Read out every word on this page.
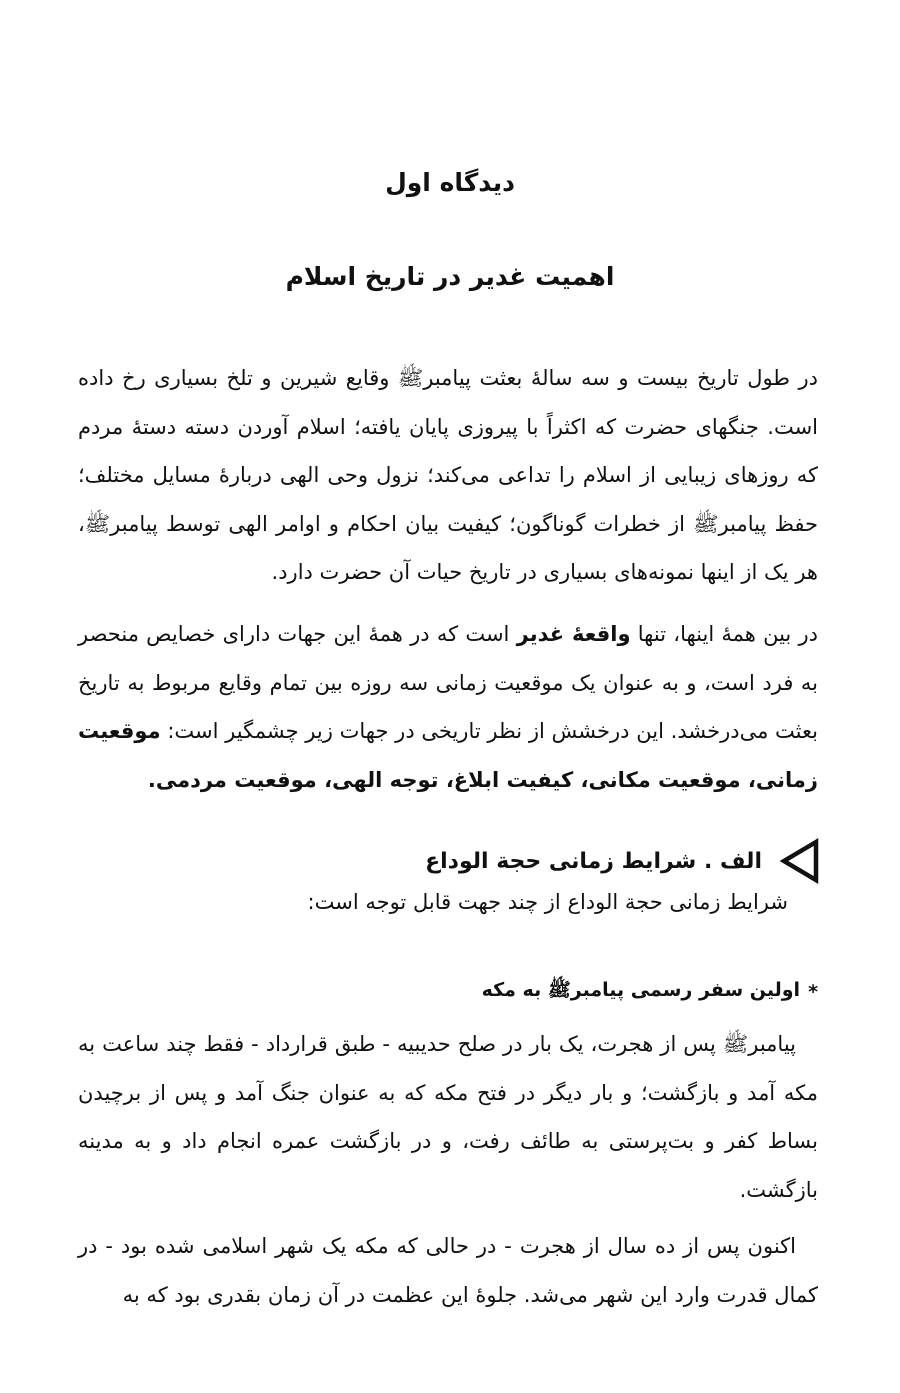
دیدگاه اول
اهمیت غدیر در تاریخ اسلام

در طول تاریخ بیست و سه سالهٔ بعثت پیامبرﷺ وقایع شیرین و تلخ بسیاری رخ داده است. جنگهای حضرت که اکثراً با پیروزی پایان یافته؛ اسلام آوردن دسته دستهٔ مردم که روزهای زیبایی از اسلام را تداعی می‌کند؛ نزول وحی الهی دربارهٔ مسایل مختلف؛ حفظ پیامبرﷺ از خطرات گوناگون؛ کیفیت بیان احکام و اوامر الهی توسط پیامبرﷺ، هر یک از اینها نمونه‌های بسیاری در تاریخ حیات آن حضرت دارد.

در بین همهٔ اینها، تنها واقعهٔ غدیر است که در همهٔ این جهات دارای خصایص منحصر به فرد است، و به عنوان یک موقعیت زمانی سه روزه بین تمام وقایع مربوط به تاریخ بعثت می‌درخشد. این درخشش از نظر تاریخی در جهات زیر چشمگیر است: موقعیت زمانی، موقعیت مکانی، کیفیت ابلاغ، توجه الهی، موقعیت مردمی.

الف . شرایط زمانی حجة الوداع

شرایط زمانی حجة الوداع از چند جهت قابل توجه است:

*
اولین سفر رسمی پیامبرﷺ به مکه

پیامبرﷺ پس از هجرت، یک بار در صلح حدیبیه - طبق قرارداد - فقط چند ساعت به مکه آمد و بازگشت؛ و بار دیگر در فتح مکه که به عنوان جنگ آمد و پس از برچیدن بساط کفر و بت‌پرستی به طائف رفت، و در بازگشت عمره انجام داد و به مدینه بازگشت.

اکنون پس از ده سال از هجرت - در حالی که مکه یک شهر اسلامی شده بود - در کمال قدرت وارد این شهر می‌شد. جلوهٔ این عظمت در آن زمان بقدری بود که به
